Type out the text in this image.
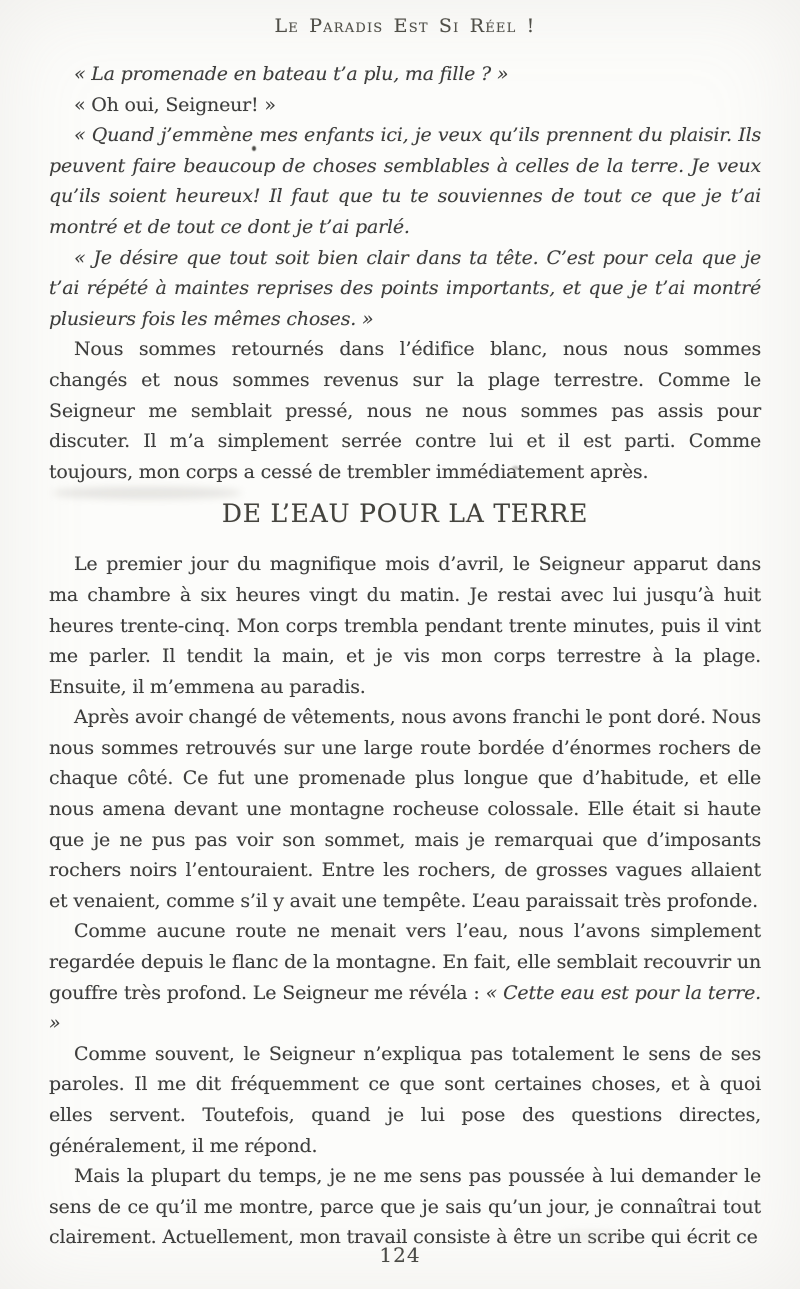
Le Paradis Est Si Réel !

« La promenade en bateau t’a plu, ma fille ? »

« Oh oui, Seigneur! »

« Quand j’emmène mes enfants ici, je veux qu’ils prennent du plaisir. Ils peuvent faire beaucoup de choses semblables à celles de la terre. Je veux qu’ils soient heureux! Il faut que tu te souviennes de tout ce que je t’ai montré et de tout ce dont je t’ai parlé.

« Je désire que tout soit bien clair dans ta tête. C’est pour cela que je t’ai répété à maintes reprises des points importants, et que je t’ai montré plusieurs fois les mêmes choses. »

Nous sommes retournés dans l’édifice blanc, nous nous sommes changés et nous sommes revenus sur la plage terrestre. Comme le Seigneur me semblait pressé, nous ne nous sommes pas assis pour discuter. Il m’a simplement serrée contre lui et il est parti. Comme toujours, mon corps a cessé de trembler immédiatement après.

DE L’EAU POUR LA TERRE

Le premier jour du magnifique mois d’avril, le Seigneur apparut dans ma chambre à six heures vingt du matin. Je restai avec lui jusqu’à huit heures trente-cinq. Mon corps trembla pendant trente minutes, puis il vint me parler. Il tendit la main, et je vis mon corps terrestre à la plage. Ensuite, il m’emmena au paradis.

Après avoir changé de vêtements, nous avons franchi le pont doré. Nous nous sommes retrouvés sur une large route bordée d’énormes rochers de chaque côté. Ce fut une promenade plus longue que d’habitude, et elle nous amena devant une montagne rocheuse colossale. Elle était si haute que je ne pus pas voir son sommet, mais je remarquai que d’imposants rochers noirs l’entouraient. Entre les rochers, de grosses vagues allaient et venaient, comme s’il y avait une tempête. L’eau paraissait très profonde.

Comme aucune route ne menait vers l’eau, nous l’avons simplement regardée depuis le flanc de la montagne. En fait, elle semblait recouvrir un gouffre très profond. Le Seigneur me révéla : « Cette eau est pour la terre. »

Comme souvent, le Seigneur n’expliqua pas totalement le sens de ses paroles. Il me dit fréquemment ce que sont certaines choses, et à quoi elles servent. Toutefois, quand je lui pose des questions directes, généralement, il me répond.

Mais la plupart du temps, je ne me sens pas poussée à lui demander le sens de ce qu’il me montre, parce que je sais qu’un jour, je connaîtrai tout clairement. Actuellement, mon travail consiste à être un scribe qui écrit ce

124
